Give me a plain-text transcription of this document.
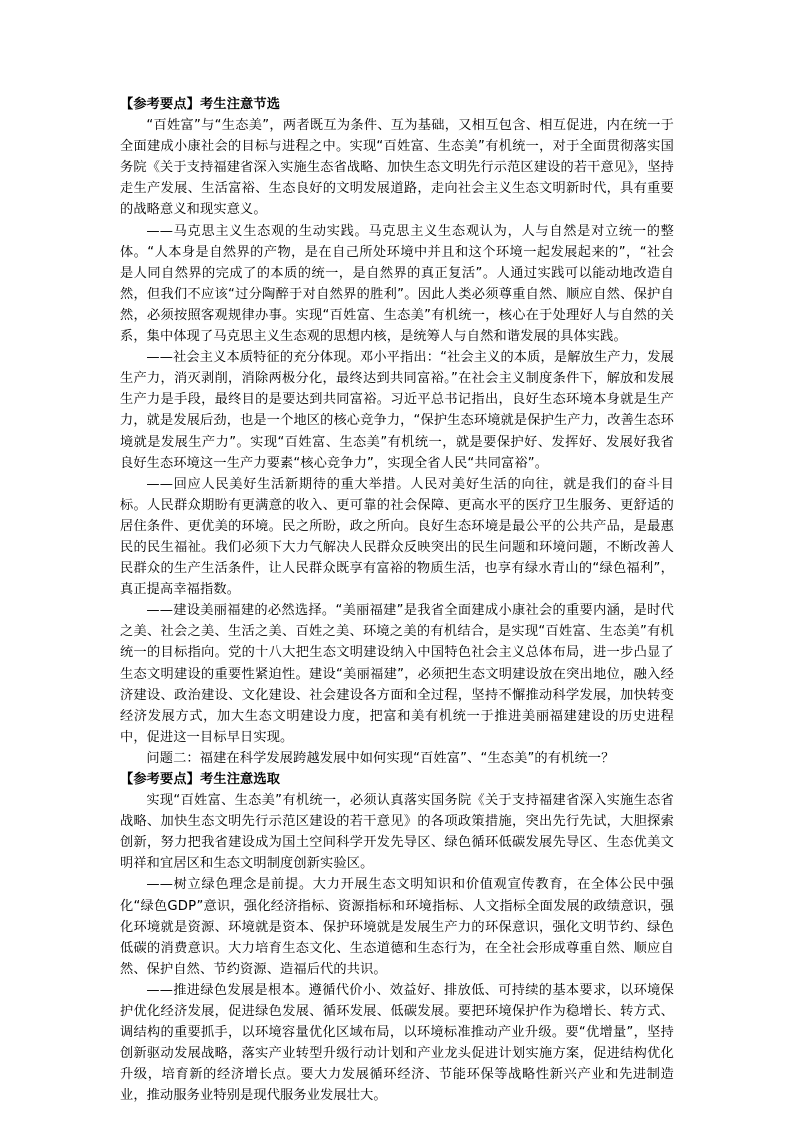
【参考要点】考生注意节选

“百姓富”与“生态美”，两者既互为条件、互为基础，又相互包含、相互促进，内在统一于全面建成小康社会的目标与进程之中。实现“百姓富、生态美”有机统一，对于全面贯彻落实国务院《关于支持福建省深入实施生态省战略、加快生态文明先行示范区建设的若干意见》，坚持走生产发展、生活富裕、生态良好的文明发展道路，走向社会主义生态文明新时代，具有重要的战略意义和现实意义。

——马克思主义生态观的生动实践。马克思主义生态观认为，人与自然是对立统一的整体。“人本身是自然界的产物，是在自己所处环境中并且和这个环境一起发展起来的”，“社会是人同自然界的完成了的本质的统一，是自然界的真正复活”。人通过实践可以能动地改造自然，但我们不应该“过分陶醉于对自然界的胜利”。因此人类必须尊重自然、顺应自然、保护自然，必须按照客观规律办事。实现“百姓富、生态美”有机统一，核心在于处理好人与自然的关系，集中体现了马克思主义生态观的思想内核，是统筹人与自然和谐发展的具体实践。

——社会主义本质特征的充分体现。邓小平指出：“社会主义的本质，是解放生产力，发展生产力，消灭剥削，消除两极分化，最终达到共同富裕。”在社会主义制度条件下，解放和发展生产力是手段，最终目的是要达到共同富裕。习近平总书记指出，良好生态环境本身就是生产力，就是发展后劲，也是一个地区的核心竞争力，“保护生态环境就是保护生产力，改善生态环境就是发展生产力”。实现“百姓富、生态美”有机统一，就是要保护好、发挥好、发展好我省良好生态环境这一生产力要素“核心竞争力”，实现全省人民“共同富裕”。

——回应人民美好生活新期待的重大举措。人民对美好生活的向往，就是我们的奋斗目标。人民群众期盼有更满意的收入、更可靠的社会保障、更高水平的医疗卫生服务、更舒适的居住条件、更优美的环境。民之所盼，政之所向。良好生态环境是最公平的公共产品，是最惠民的民生福祉。我们必须下大力气解决人民群众反映突出的民生问题和环境问题，不断改善人民群众的生产生活条件，让人民群众既享有富裕的物质生活，也享有绿水青山的“绿色福利”，真正提高幸福指数。

——建设美丽福建的必然选择。“美丽福建”是我省全面建成小康社会的重要内涵，是时代之美、社会之美、生活之美、百姓之美、环境之美的有机结合，是实现“百姓富、生态美”有机统一的目标指向。党的十八大把生态文明建设纳入中国特色社会主义总体布局，进一步凸显了生态文明建设的重要性紧迫性。建设“美丽福建”，必须把生态文明建设放在突出地位，融入经济建设、政治建设、文化建设、社会建设各方面和全过程，坚持不懈推动科学发展，加快转变经济发展方式，加大生态文明建设力度，把富和美有机统一于推进美丽福建建设的历史进程中，促进这一目标早日实现。

问题二：福建在科学发展跨越发展中如何实现“百姓富”、“生态美”的有机统一？

【参考要点】考生注意选取

实现“百姓富、生态美”有机统一，必须认真落实国务院《关于支持福建省深入实施生态省战略、加快生态文明先行示范区建设的若干意见》的各项政策措施，突出先行先试，大胆探索创新，努力把我省建设成为国土空间科学开发先导区、绿色循环低碳发展先导区、生态优美文明祥和宜居区和生态文明制度创新实验区。

——树立绿色理念是前提。大力开展生态文明知识和价值观宣传教育，在全体公民中强化“绿色GDP”意识，强化经济指标、资源指标和环境指标、人文指标全面发展的政绩意识，强化环境就是资源、环境就是资本、保护环境就是发展生产力的环保意识，强化文明节约、绿色低碳的消费意识。大力培育生态文化、生态道德和生态行为，在全社会形成尊重自然、顺应自然、保护自然、节约资源、造福后代的共识。

——推进绿色发展是根本。遵循代价小、效益好、排放低、可持续的基本要求，以环境保护优化经济发展，促进绿色发展、循环发展、低碳发展。要把环境保护作为稳增长、转方式、调结构的重要抓手，以环境容量优化区域布局，以环境标准推动产业升级。要“优增量”，坚持创新驱动发展战略，落实产业转型升级行动计划和产业龙头促进计划实施方案，促进结构优化升级，培育新的经济增长点。要大力发展循环经济、节能环保等战略性新兴产业和先进制造业，推动服务业特别是现代服务业发展壮大。
